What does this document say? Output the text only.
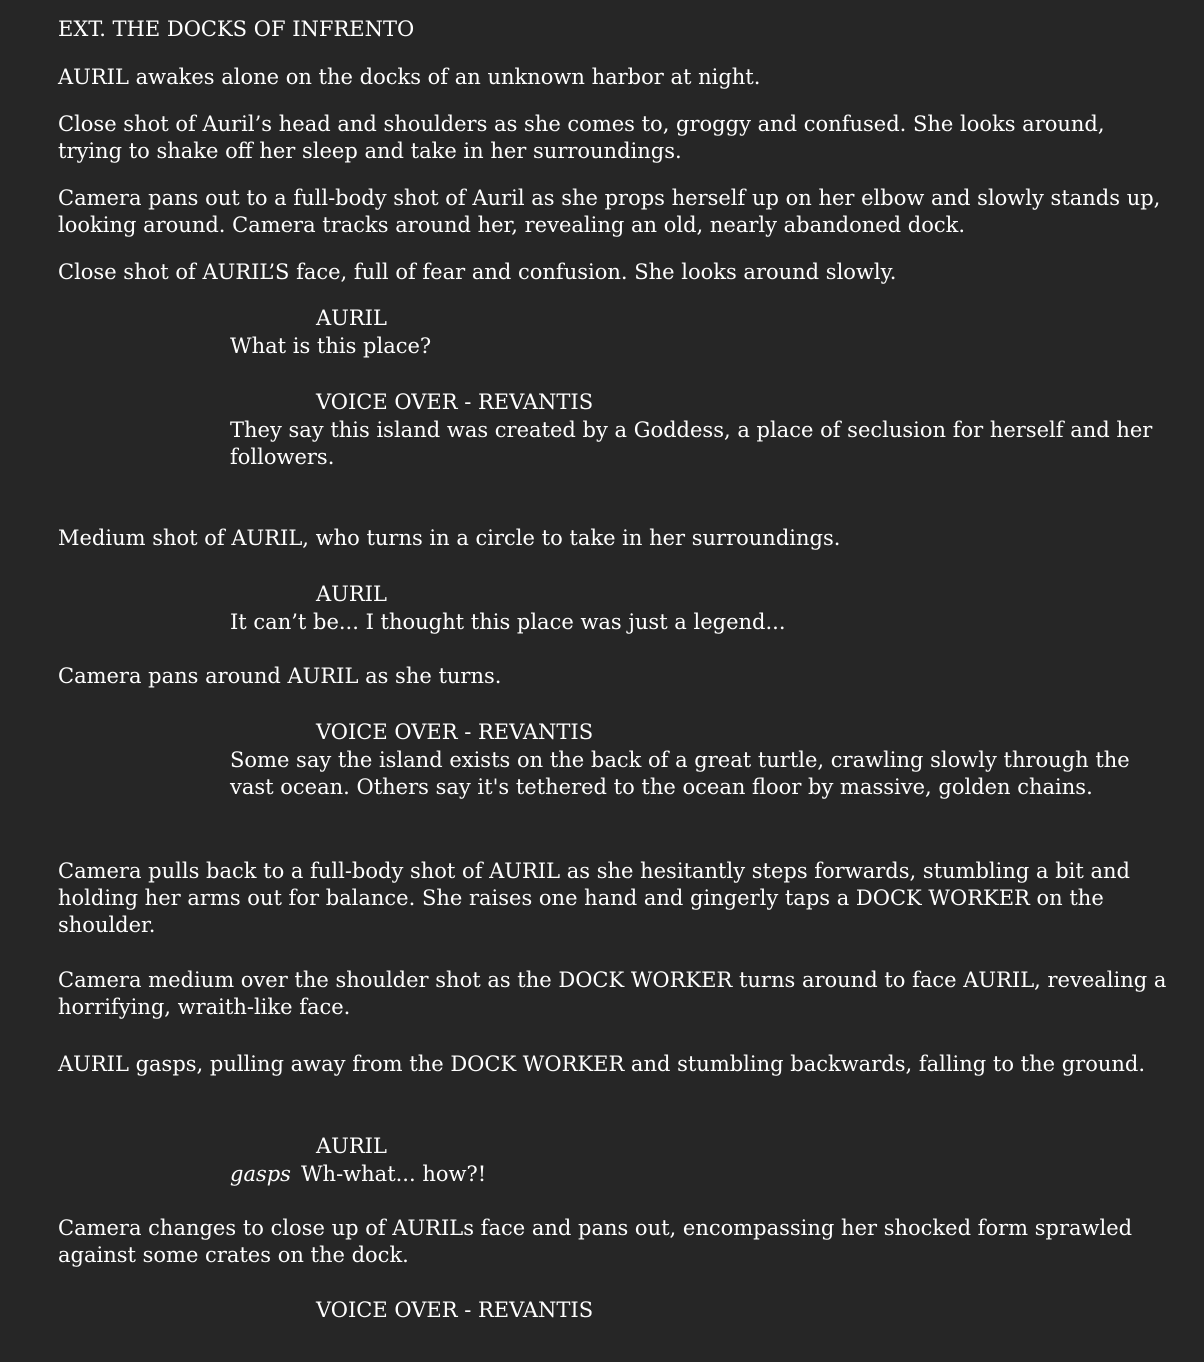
EXT. THE DOCKS OF INFRENTO

AURIL awakes alone on the docks of an unknown harbor at night.

Close shot of Auril’s head and shoulders as she comes to, groggy and confused. She looks around, trying to shake off her sleep and take in her surroundings.

Camera pans out to a full-body shot of Auril as she props herself up on her elbow and slowly stands up, looking around. Camera tracks around her, revealing an old, nearly abandoned dock.

Close shot of AURIL’S face, full of fear and confusion. She looks around slowly.

AURIL

What is this place?

VOICE OVER - REVANTIS

They say this island was created by a Goddess, a place of seclusion for herself and her followers.

Medium shot of AURIL, who turns in a circle to take in her surroundings.

AURIL

It can’t be... I thought this place was just a legend...

Camera pans around AURIL as she turns.

VOICE OVER - REVANTIS

Some say the island exists on the back of a great turtle, crawling slowly through the vast ocean. Others say it's tethered to the ocean floor by massive, golden chains.

Camera pulls back to a full-body shot of AURIL as she hesitantly steps forwards, stumbling a bit and holding her arms out for balance. She raises one hand and gingerly taps a DOCK WORKER on the shoulder.

Camera medium over the shoulder shot as the DOCK WORKER turns around to face AURIL, revealing a horrifying, wraith-like face.

AURIL gasps, pulling away from the DOCK WORKER and stumbling backwards, falling to the ground.

AURIL

gasps Wh-what... how?!

Camera changes to close up of AURILs face and pans out, encompassing her shocked form sprawled against some crates on the dock.

VOICE OVER - REVANTIS
